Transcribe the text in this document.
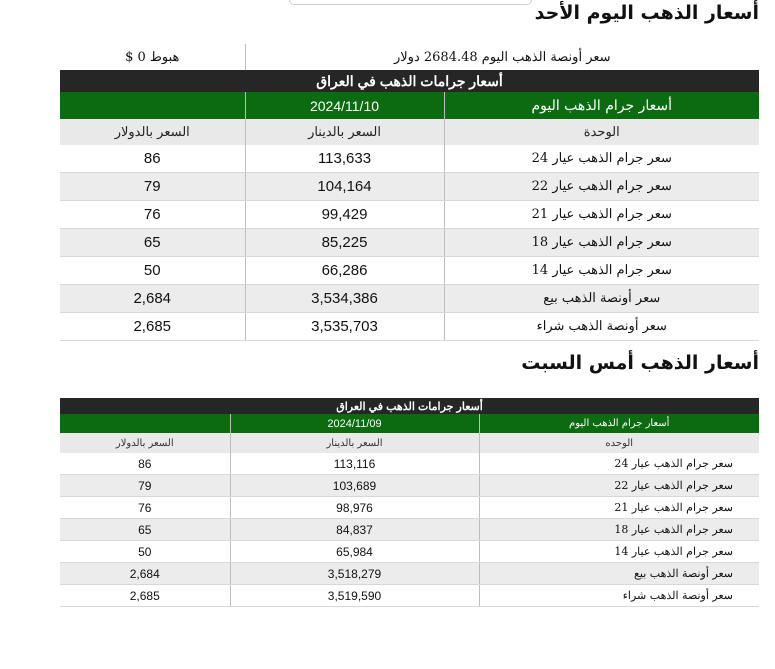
أسعار الذهب اليوم الأحد
سعر أونصة الذهب اليوم 2684.48 دولار		هبوط 0 $
أسعار جرامات الذهب في العراق		
أسعار جرام الذهب اليوم	2024/11/10	
الوحدة	السعر بالدينار	السعر بالدولار
سعر جرام الذهب عيار 24	113,633	86
سعر جرام الذهب عيار 22	104,164	79
سعر جرام الذهب عيار 21	99,429	76
سعر جرام الذهب عيار 18	85,225	65
سعر جرام الذهب عيار 14	66,286	50
سعر أونصة الذهب بيع	3,534,386	2,684
سعر أونصة الذهب شراء	3,535,703	2,685
أسعار الذهب أمس السبت
أسعار جرامات الذهب في العراق		
أسعار جرام الذهب اليوم	2024/11/09	
الوحده	السعر بالدينار	السعر بالدولار
سعر جرام الذهب عيار 24	113,116	86
سعر جرام الذهب عيار 22	103,689	79
سعر جرام الذهب عيار 21	98,976	76
سعر جرام الذهب عيار 18	84,837	65
سعر جرام الذهب عيار 14	65,984	50
سعر أونصة الذهب بيع	3,518,279	2,684
سعر أونصة الذهب شراء	3,519,590	2,685
